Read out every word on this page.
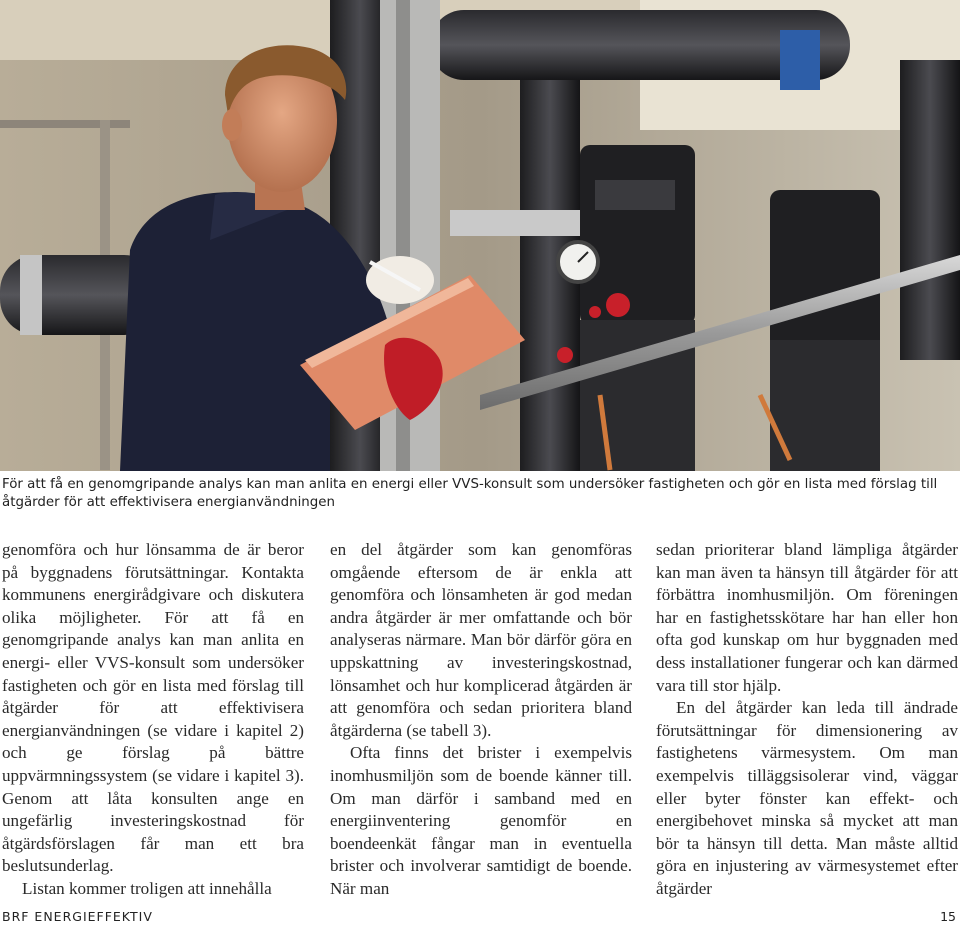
För att få en genomgripande analys kan man anlita en energi eller VVS-konsult som undersöker fastigheten och gör en lista med förslag till åtgärder för att effektivisera energianvändningen

genomföra och hur lönsamma de är beror på byggnadens förutsättningar. Kontakta kommunens energirådgivare och diskutera olika möjligheter. För att få en genomgripande analys kan man anlita en energi- eller VVS-konsult som undersöker fastigheten och gör en lista med förslag till åtgärder för att effektivisera energianvändningen (se vidare i kapitel 2) och ge förslag på bättre uppvärmningssystem (se vidare i kapitel 3). Genom att låta konsulten ange en ungefärlig investeringskostnad för åtgärdsförslagen får man ett bra beslutsunderlag.

Listan kommer troligen att innehålla

en del åtgärder som kan genomföras omgående eftersom de är enkla att genomföra och lönsamheten är god medan andra åtgärder är mer omfattande och bör analyseras närmare. Man bör därför göra en uppskattning av investeringskostnad, lönsamhet och hur komplicerad åtgärden är att genomföra och sedan prioritera bland åtgärderna (se tabell 3).

Ofta finns det brister i exempelvis inomhusmiljön som de boende känner till. Om man därför i samband med en energiinventering genomför en boendeenkät fångar man in eventuella brister och involverar samtidigt de boende. När man

sedan prioriterar bland lämpliga åtgärder kan man även ta hänsyn till åtgärder för att förbättra inomhusmiljön. Om föreningen har en fastighetsskötare har han eller hon ofta god kunskap om hur byggnaden med dess installationer fungerar och kan därmed vara till stor hjälp.

En del åtgärder kan leda till ändrade förutsättningar för dimensionering av fastighetens värmesystem. Om man exempelvis tilläggsisolerar vind, väggar eller byter fönster kan effekt- och energibehovet minska så mycket att man bör ta hänsyn till detta. Man måste alltid göra en injustering av värmesystemet efter åtgärder

BRF ENERGIEFFEKTIV	15
